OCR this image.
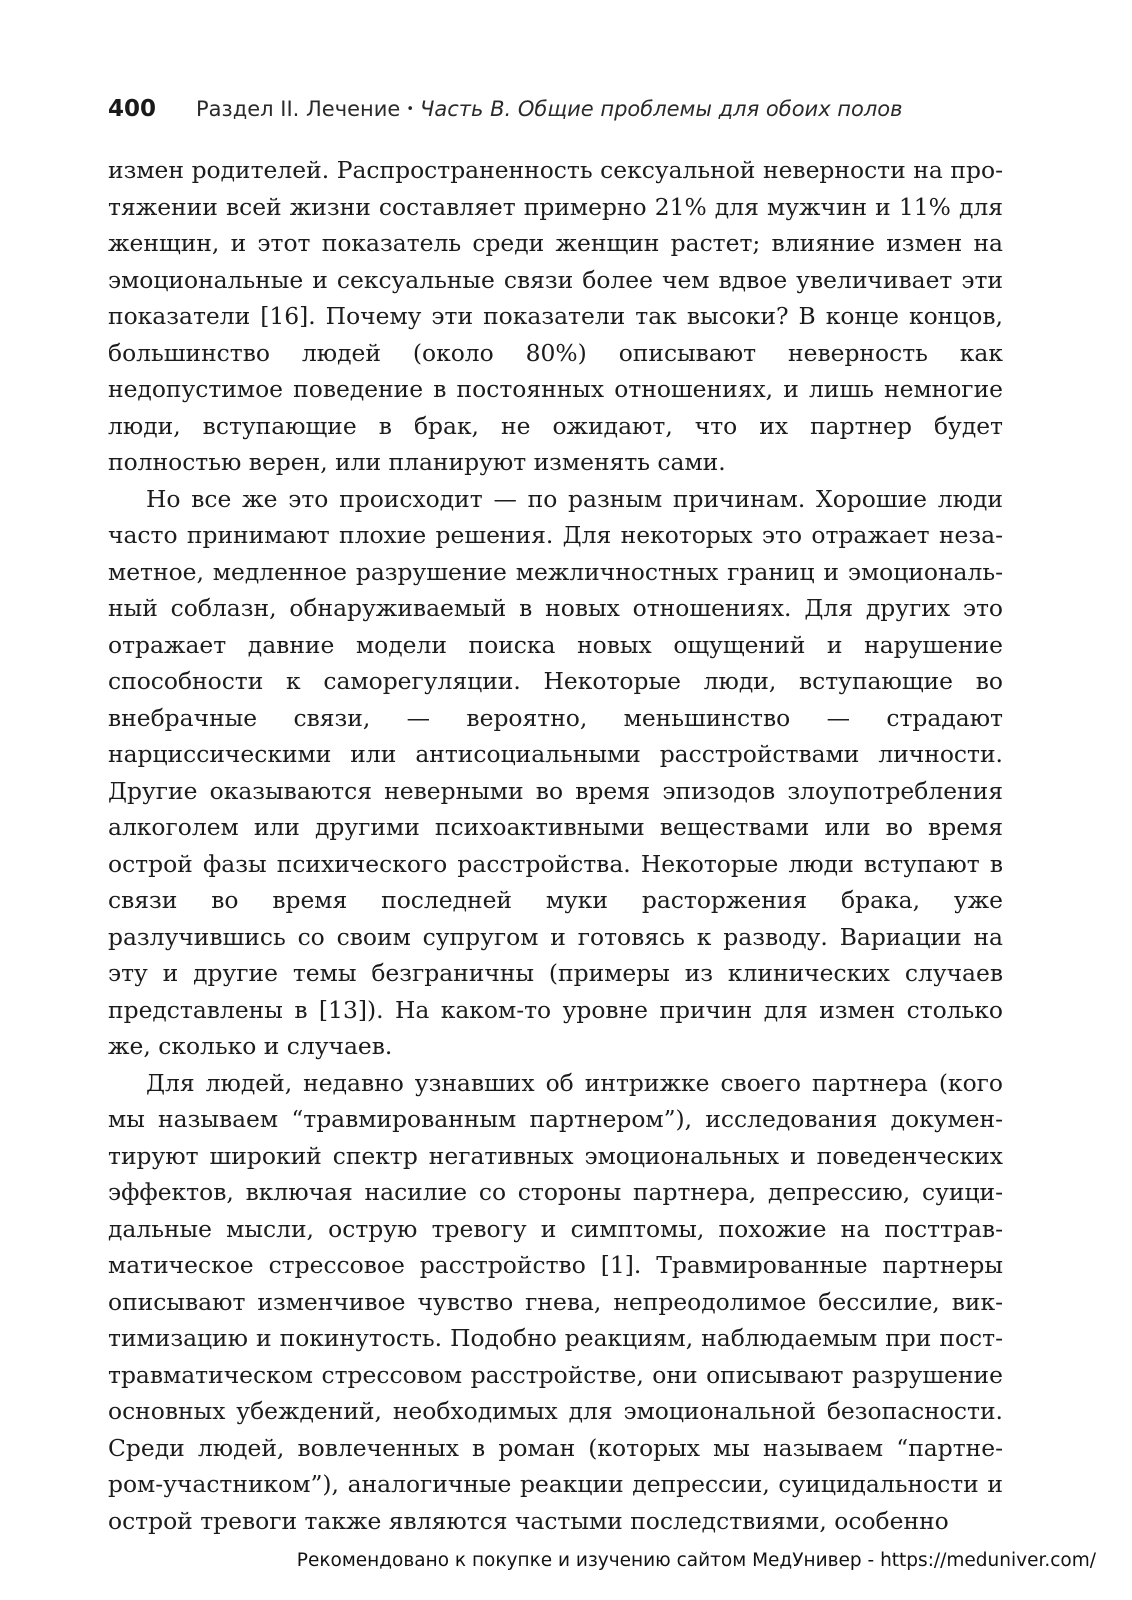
400 Раздел II. Лечение • Часть В. Общие проблемы для обоих полов

измен родителей. Распространенность сексуальной неверности на протяжении всей жизни составляет примерно 21% для мужчин и 11% для женщин, и этот показатель среди женщин растет; влияние измен на эмоциональные и сексуальные связи более чем вдвое увеличивает эти показатели [16]. Почему эти показатели так высоки? В конце концов, большинство людей (около 80%) описывают неверность как недопустимое поведение в постоянных отношениях, и лишь немногие люди, вступающие в брак, не ожидают, что их партнер будет полностью верен, или планируют изменять сами.

Но все же это происходит — по разным причинам. Хорошие люди часто принимают плохие решения. Для некоторых это отражает незаметное, медленное разрушение межличностных границ и эмоциональный соблазн, обнаруживаемый в новых отношениях. Для других это отражает давние модели поиска новых ощущений и нарушение способности к саморегуляции. Некоторые люди, вступающие во внебрачные связи, — вероятно, меньшинство — страдают нарциссическими или антисоциальными расстройствами личности. Другие оказываются неверными во время эпизодов злоупотребления алкоголем или другими психоактивными веществами или во время острой фазы психического расстройства. Некоторые люди вступают в связи во время последней муки расторжения брака, уже разлучившись со своим супругом и готовясь к разводу. Вариации на эту и другие темы безграничны (примеры из клинических случаев представлены в [13]). На каком-то уровне причин для измен столько же, сколько и случаев.

Для людей, недавно узнавших об интрижке своего партнера (кого мы называем “травмированным партнером”), исследования документируют широкий спектр негативных эмоциональных и поведенческих эффектов, включая насилие со стороны партнера, депрессию, суицидальные мысли, острую тревогу и симптомы, похожие на посттравматическое стрессовое расстройство [1]. Травмированные партнеры описывают изменчивое чувство гнева, непреодолимое бессилие, виктимизацию и покинутость. Подобно реакциям, наблюдаемым при посттравматическом стрессовом расстройстве, они описывают разрушение основных убеждений, необходимых для эмоциональной безопасности. Среди людей, вовлеченных в роман (которых мы называем “партнером-участником”), аналогичные реакции депрессии, суицидальности и острой тревоги также являются частыми последствиями, особенно

Рекомендовано к покупке и изучению сайтом МедУнивер - https://meduniver.com/
